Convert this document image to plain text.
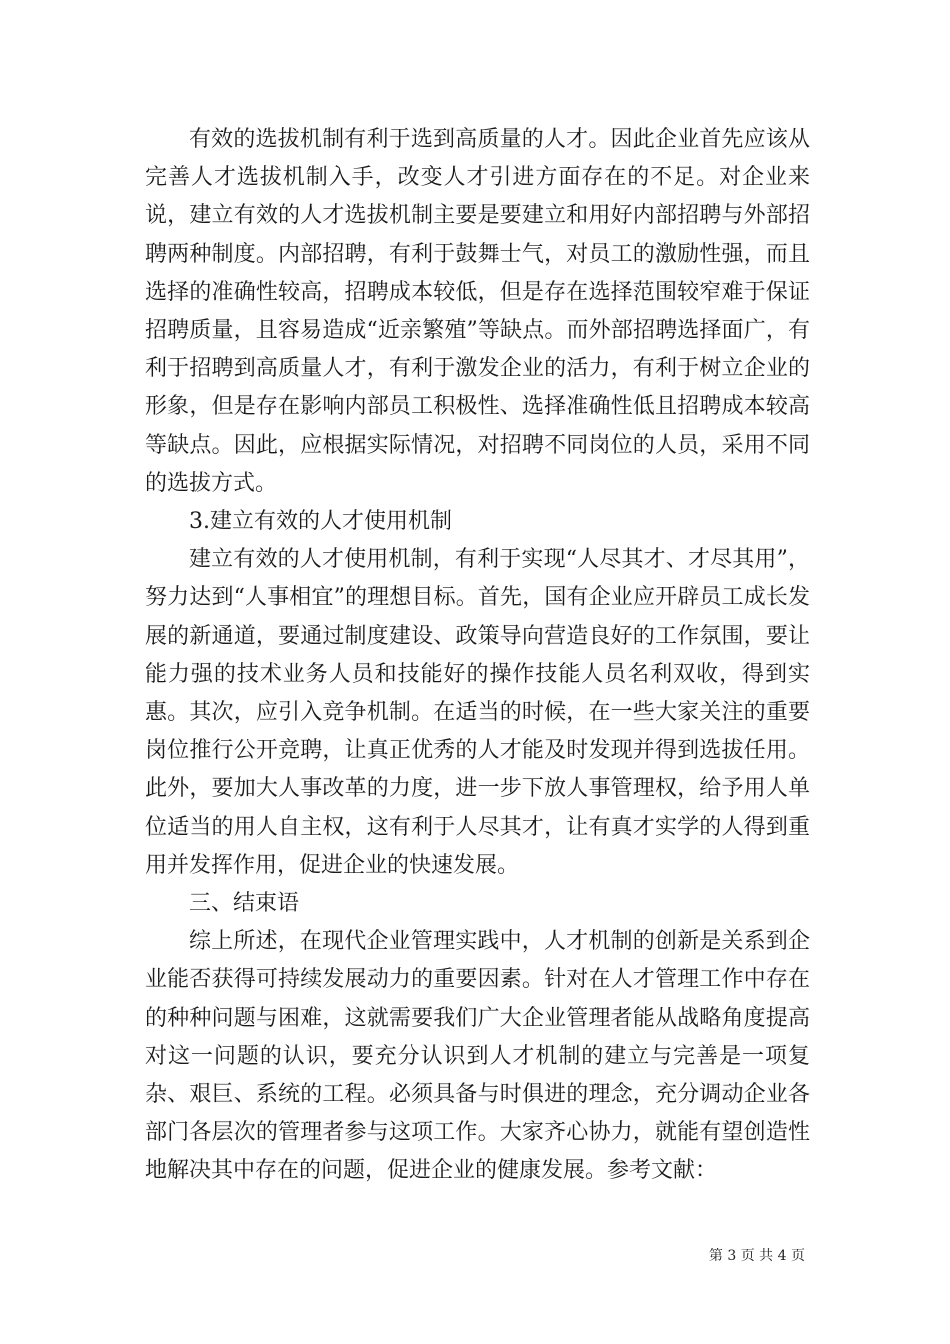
有效的选拔机制有利于选到高质量的人才。因此企业首先应该从完善人才选拔机制入手，改变人才引进方面存在的不足。对企业来说，建立有效的人才选拔机制主要是要建立和用好内部招聘与外部招聘两种制度。内部招聘，有利于鼓舞士气，对员工的激励性强，而且选择的准确性较高，招聘成本较低，但是存在选择范围较窄难于保证招聘质量，且容易造成“近亲繁殖”等缺点。而外部招聘选择面广，有利于招聘到高质量人才，有利于激发企业的活力，有利于树立企业的形象，但是存在影响内部员工积极性、选择准确性低且招聘成本较高等缺点。因此，应根据实际情况，对招聘不同岗位的人员，采用不同的选拔方式。

3.建立有效的人才使用机制

建立有效的人才使用机制，有利于实现“人尽其才、才尽其用”，努力达到“人事相宜”的理想目标。首先，国有企业应开辟员工成长发展的新通道，要通过制度建设、政策导向营造良好的工作氛围，要让能力强的技术业务人员和技能好的操作技能人员名利双收，得到实惠。其次，应引入竞争机制。在适当的时候，在一些大家关注的重要岗位推行公开竞聘，让真正优秀的人才能及时发现并得到选拔任用。此外，要加大人事改革的力度，进一步下放人事管理权，给予用人单位适当的用人自主权，这有利于人尽其才，让有真才实学的人得到重用并发挥作用，促进企业的快速发展。

三、结束语

综上所述，在现代企业管理实践中，人才机制的创新是关系到企业能否获得可持续发展动力的重要因素。针对在人才管理工作中存在的种种问题与困难，这就需要我们广大企业管理者能从战略角度提高对这一问题的认识，要充分认识到人才机制的建立与完善是一项复杂、艰巨、系统的工程。必须具备与时俱进的理念，充分调动企业各部门各层次的管理者参与这项工作。大家齐心协力，就能有望创造性地解决其中存在的问题，促进企业的健康发展。参考文献：

第 3 页 共 4 页
